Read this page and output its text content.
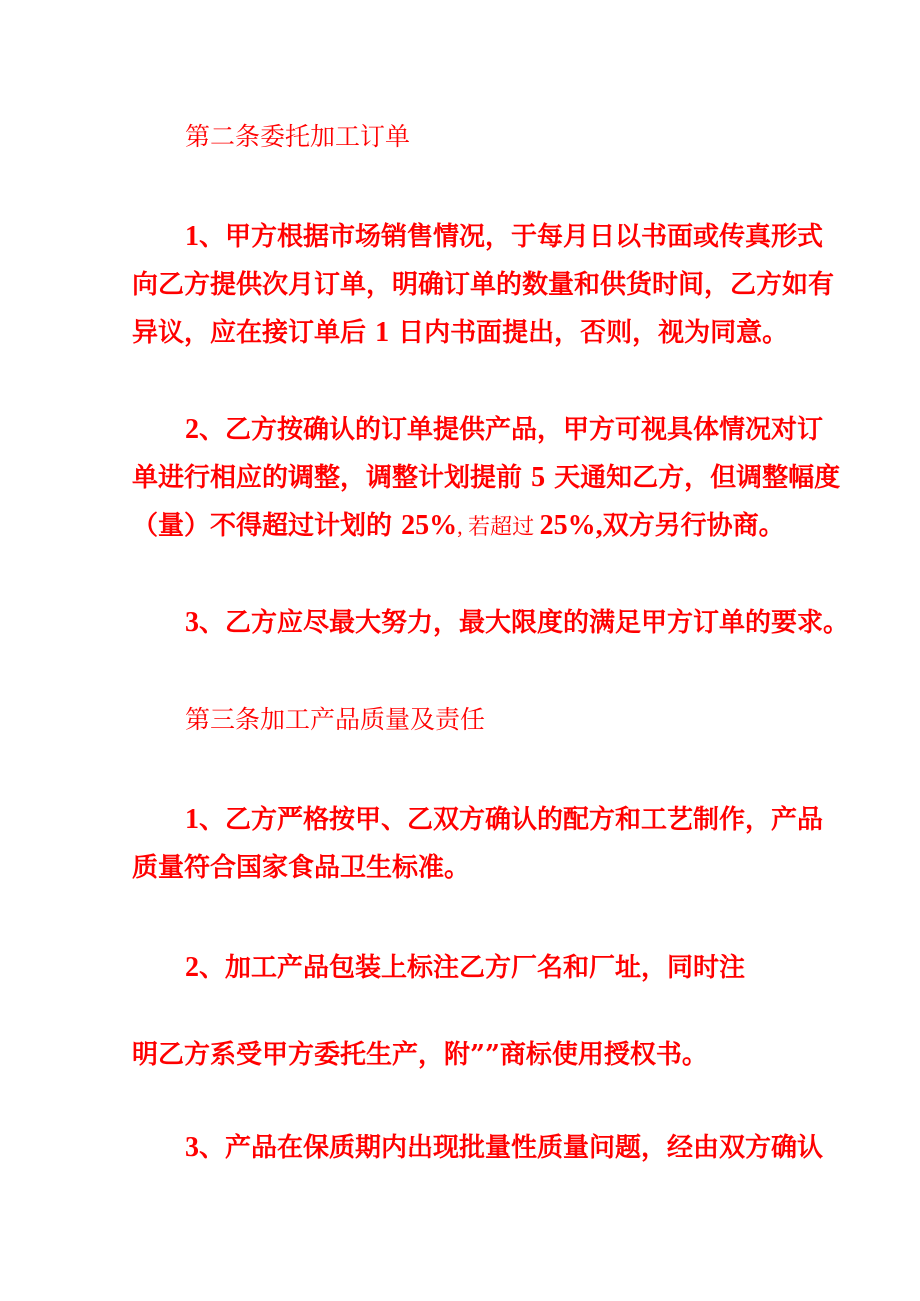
第二条委托加工订单
1、甲方根据市场销售情况，于每月日以书面或传真形式
向乙方提供次月订单，明确订单的数量和供货时间，乙方如有
异议，应在接订单后 1 日内书面提出，否则，视为同意。
2、乙方按确认的订单提供产品，甲方可视具体情况对订
单进行相应的调整，调整计划提前 5 天通知乙方，但调整幅度
（量）不得超过计划的 25%, 若超过 25%,双方另行协商。
3、乙方应尽最大努力，最大限度的满足甲方订单的要求。
第三条加工产品质量及责任
1、乙方严格按甲、乙双方确认的配方和工艺制作，产品
质量符合国家食品卫生标准。
2、加工产品包装上标注乙方厂名和厂址，同时注
明乙方系受甲方委托生产，附””商标使用授权书。
3、产品在保质期内出现批量性质量问题，经由双方确认
